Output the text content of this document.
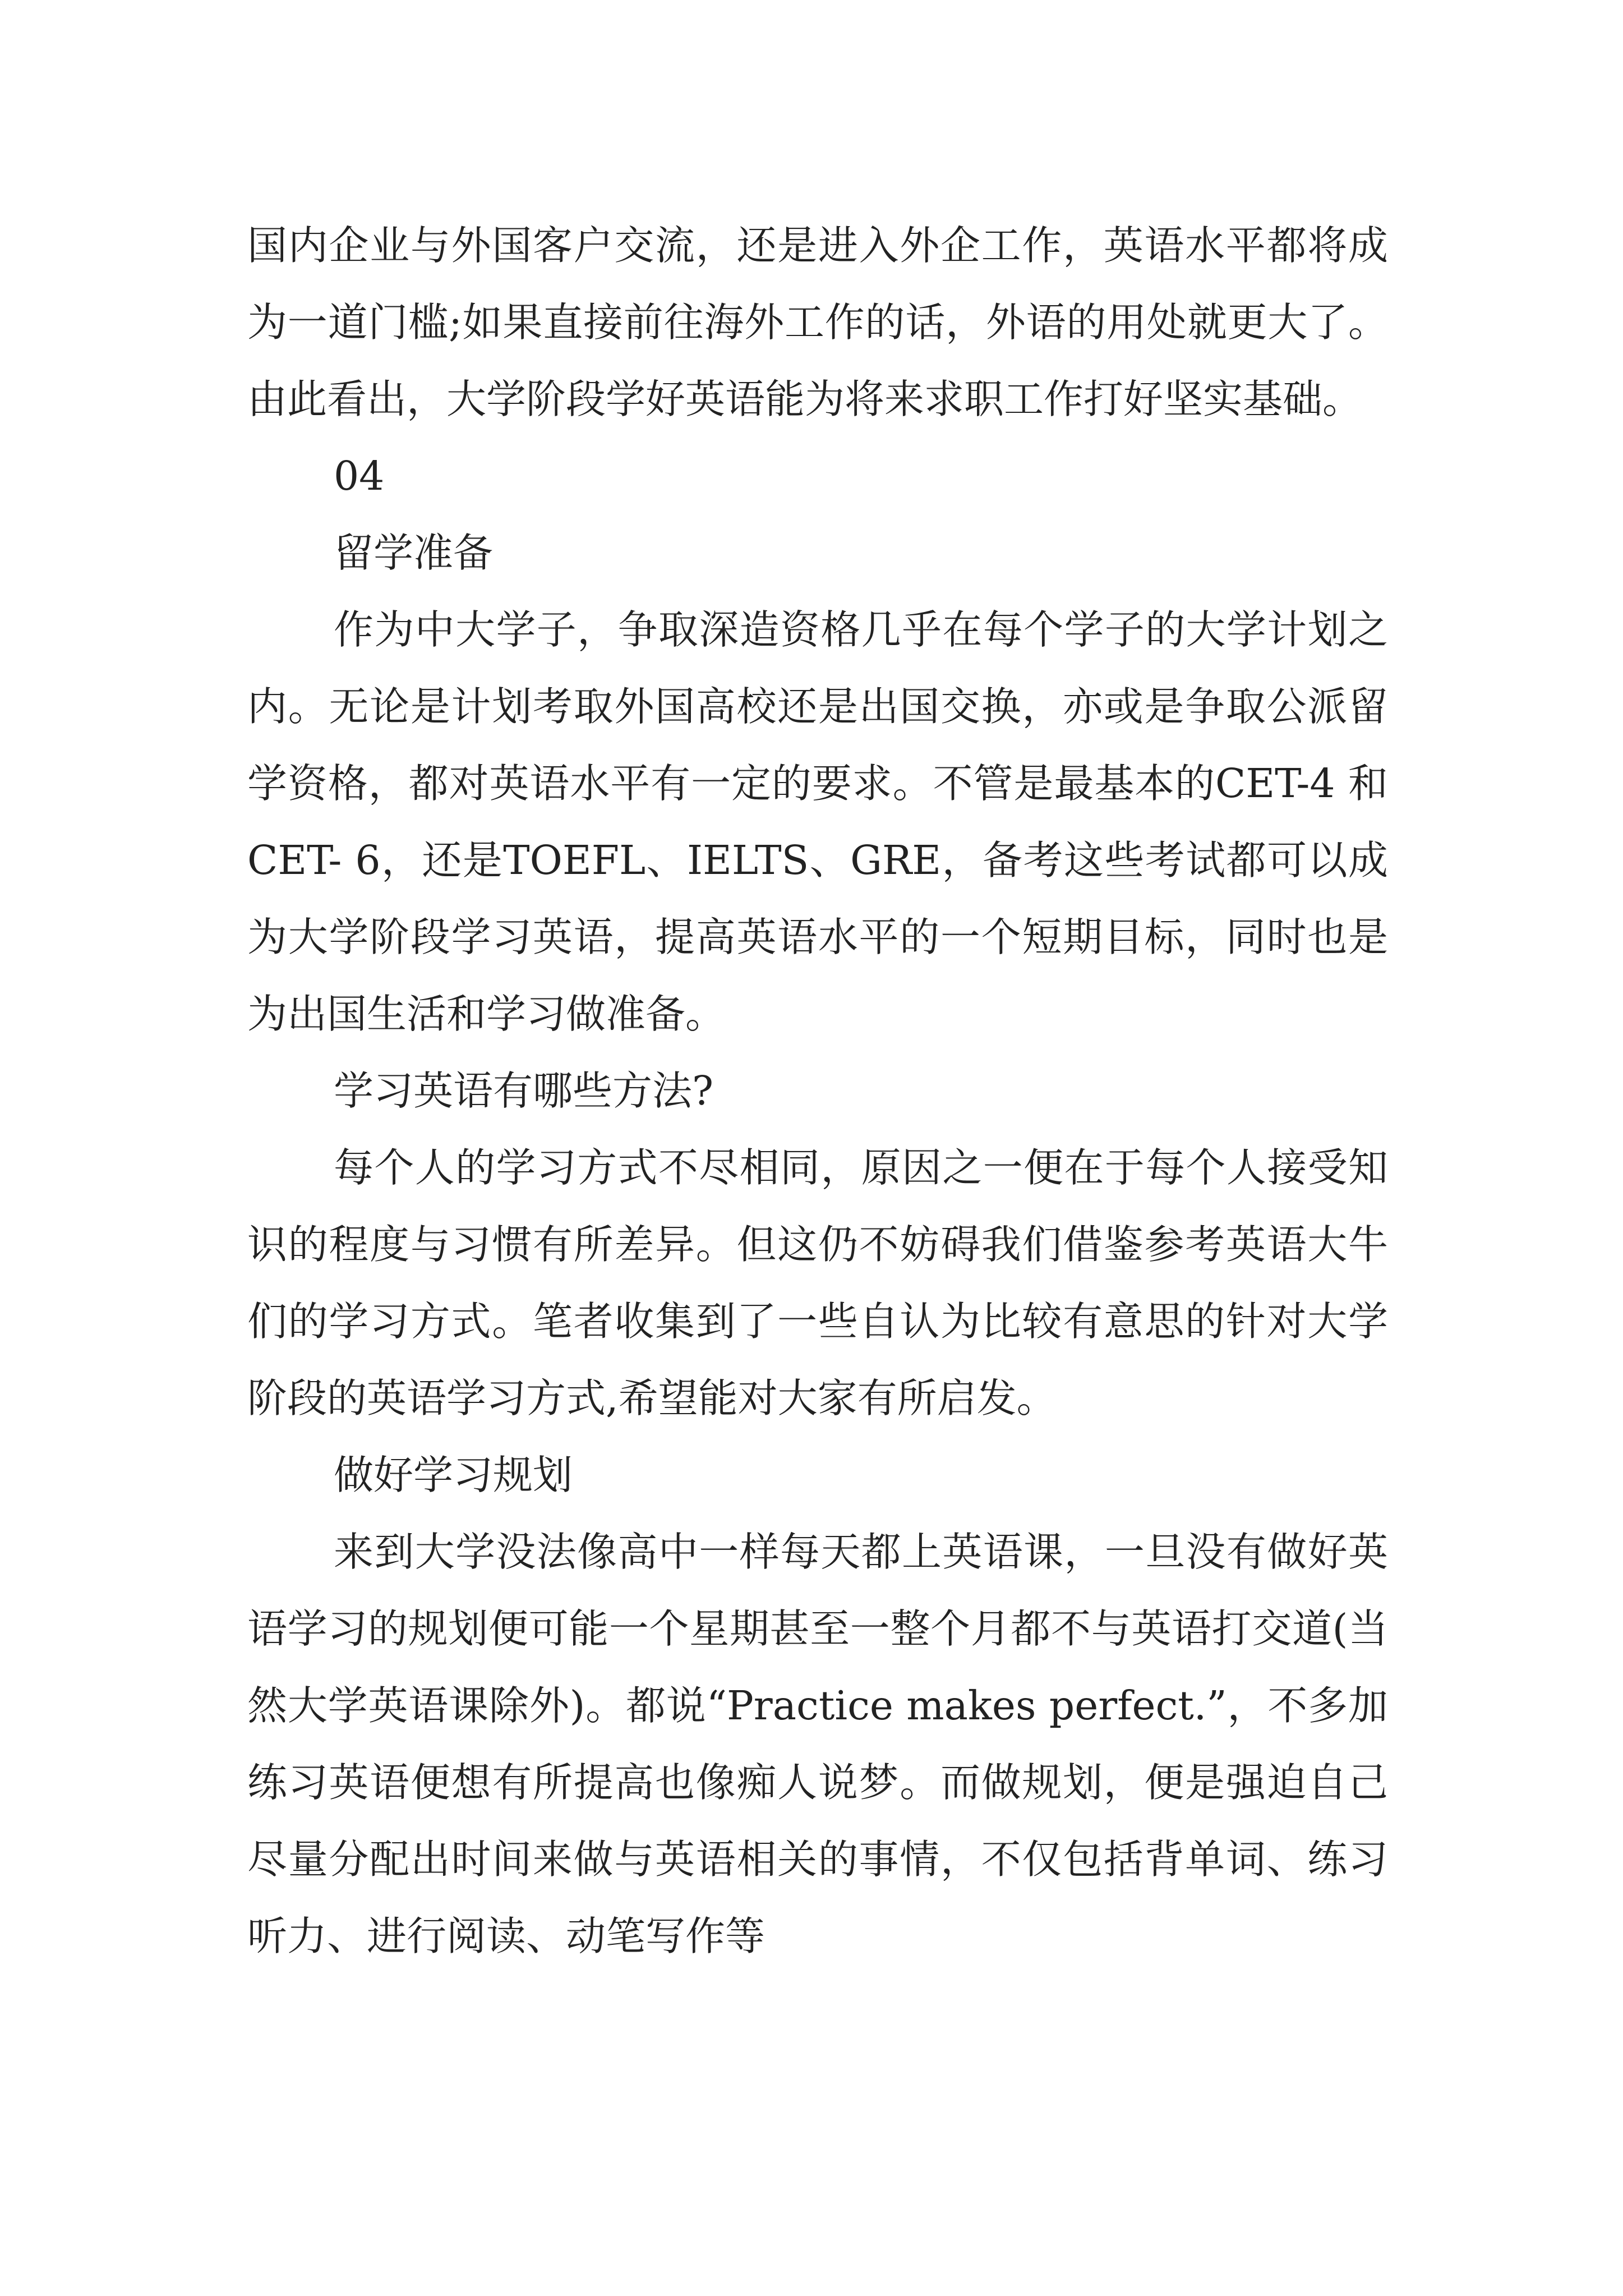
国内企业与外国客户交流，还是进入外企工作，英语水平都将成为一道门槛;如果直接前往海外工作的话，外语的用处就更大了。由此看出，大学阶段学好英语能为将来求职工作打好坚实基础。

04

留学准备

作为中大学子，争取深造资格几乎在每个学子的大学计划之内。无论是计划考取外国高校还是出国交换，亦或是争取公派留学资格，都对英语水平有一定的要求。不管是最基本的CET-4 和CET- 6，还是TOEFL、IELTS、GRE，备考这些考试都可以成为大学阶段学习英语，提高英语水平的一个短期目标，同时也是为出国生活和学习做准备。

学习英语有哪些方法?

每个人的学习方式不尽相同，原因之一便在于每个人接受知识的程度与习惯有所差异。但这仍不妨碍我们借鉴参考英语大牛们的学习方式。笔者收集到了一些自认为比较有意思的针对大学阶段的英语学习方式,希望能对大家有所启发。

做好学习规划

来到大学没法像高中一样每天都上英语课，一旦没有做好英语学习的规划便可能一个星期甚至一整个月都不与英语打交道(当然大学英语课除外)。都说“Practice makes perfect.”，不多加练习英语便想有所提高也像痴人说梦。而做规划，便是强迫自己尽量分配出时间来做与英语相关的事情，不仅包括背单词、练习听力、进行阅读、动笔写作等
